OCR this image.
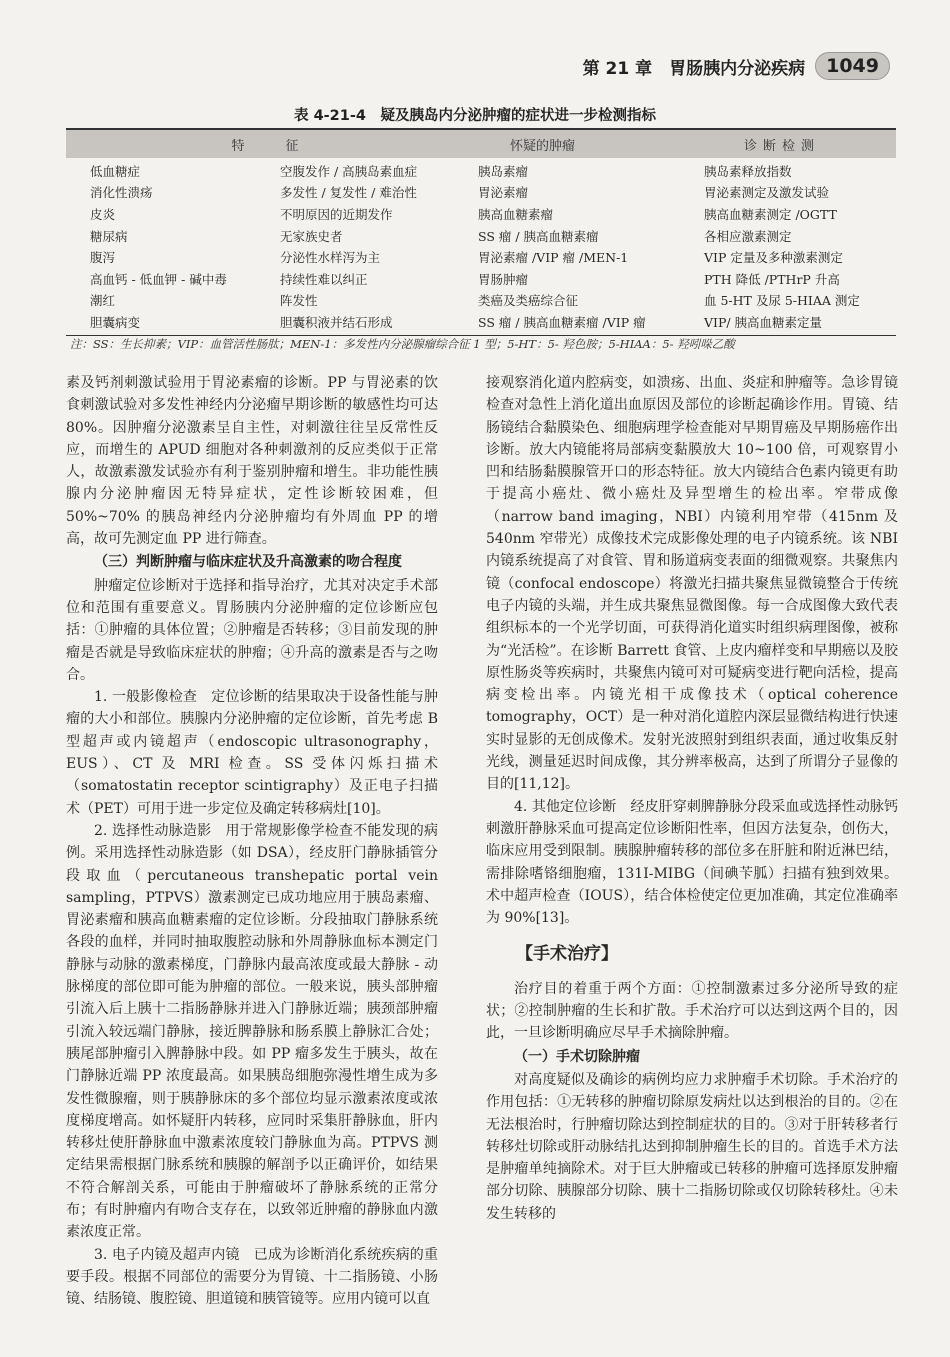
第 21 章　胃肠胰内分泌疾病	1049
表 4-21-4　疑及胰岛内分泌肿瘤的症状进一步检测指标
特　征	怀疑的肿瘤	诊断检测
低血糖症	空腹发作 / 高胰岛素血症	胰岛素瘤	胰岛素释放指数
消化性溃疡	多发性 / 复发性 / 难治性	胃泌素瘤	胃泌素测定及激发试验
皮炎	不明原因的近期发作	胰高血糖素瘤	胰高血糖素测定 /OGTT
糖尿病	无家族史者	SS 瘤 / 胰高血糖素瘤	各相应激素测定
腹泻	分泌性水样泻为主	胃泌素瘤 /VIP 瘤 /MEN-1	VIP 定量及多种激素测定
高血钙 - 低血钾 - 碱中毒	持续性难以纠正	胃肠肿瘤	PTH 降低 /PTHrP 升高
潮红	阵发性	类癌及类癌综合征	血 5-HT 及尿 5-HIAA 测定
胆囊病变	胆囊积液并结石形成	SS 瘤 / 胰高血糖素瘤 /VIP 瘤	VIP/ 胰高血糖素定量
注：SS：生长抑素；VIP：血管活性肠肽；MEN-1：多发性内分泌腺瘤综合征 1 型；5-HT：5- 羟色胺；5-HIAA：5- 羟吲哚乙酸

素及钙剂刺激试验用于胃泌素瘤的诊断。PP 与胃泌素的饮食刺激试验对多发性神经内分泌瘤早期诊断的敏感性均可达 80%。因肿瘤分泌激素呈自主性，对刺激往往呈反常性反应，而增生的 APUD 细胞对各种刺激剂的反应类似于正常人，故激素激发试验亦有利于鉴别肿瘤和增生。非功能性胰腺内分泌肿瘤因无特异症状，定性诊断较困难，但 50%~70% 的胰岛神经内分泌肿瘤均有外周血 PP 的增高，故可先测定血 PP 进行筛查。

（三）判断肿瘤与临床症状及升高激素的吻合程度

肿瘤定位诊断对于选择和指导治疗，尤其对决定手术部位和范围有重要意义。胃肠胰内分泌肿瘤的定位诊断应包括：①肿瘤的具体位置；②肿瘤是否转移；③目前发现的肿瘤是否就是导致临床症状的肿瘤；④升高的激素是否与之吻合。

1. 一般影像检查　定位诊断的结果取决于设备性能与肿瘤的大小和部位。胰腺内分泌肿瘤的定位诊断，首先考虑 B 型超声或内镜超声（endoscopic ultrasonography，EUS）、CT 及 MRI 检查。SS 受体闪烁扫描术（somatostatin receptor scintigraphy）及正电子扫描术（PET）可用于进一步定位及确定转移病灶[10]。

2. 选择性动脉造影　用于常规影像学检查不能发现的病例。采用选择性动脉造影（如 DSA），经皮肝门静脉插管分段取血（percutaneous transhepatic portal vein sampling，PTPVS）激素测定已成功地应用于胰岛素瘤、胃泌素瘤和胰高血糖素瘤的定位诊断。分段抽取门静脉系统各段的血样，并同时抽取腹腔动脉和外周静脉血标本测定门静脉与动脉的激素梯度，门静脉内最高浓度或最大静脉 - 动脉梯度的部位即可能为肿瘤的部位。一般来说，胰头部肿瘤引流入后上胰十二指肠静脉并进入门静脉近端；胰颈部肿瘤引流入较远端门静脉，接近脾静脉和肠系膜上静脉汇合处；胰尾部肿瘤引入脾静脉中段。如 PP 瘤多发生于胰头，故在门静脉近端 PP 浓度最高。如果胰岛细胞弥漫性增生成为多发性微腺瘤，则于胰静脉床的多个部位均显示激素浓度或浓度梯度增高。如怀疑肝内转移，应同时采集肝静脉血，肝内转移灶使肝静脉血中激素浓度较门静脉血为高。PTPVS 测定结果需根据门脉系统和胰腺的解剖予以正确评价，如结果不符合解剖关系，可能由于肿瘤破坏了静脉系统的正常分布；有时肿瘤内有吻合支存在，以致邻近肿瘤的静脉血内激素浓度正常。

3. 电子内镜及超声内镜　已成为诊断消化系统疾病的重要手段。根据不同部位的需要分为胃镜、十二指肠镜、小肠镜、结肠镜、腹腔镜、胆道镜和胰管镜等。应用内镜可以直

接观察消化道内腔病变，如溃疡、出血、炎症和肿瘤等。急诊胃镜检查对急性上消化道出血原因及部位的诊断起确诊作用。胃镜、结肠镜结合黏膜染色、细胞病理学检查能对早期胃癌及早期肠癌作出诊断。放大内镜能将局部病变黏膜放大 10~100 倍，可观察胃小凹和结肠黏膜腺管开口的形态特征。放大内镜结合色素内镜更有助于提高小癌灶、微小癌灶及异型增生的检出率。窄带成像（narrow band imaging，NBI）内镜利用窄带（415nm 及 540nm 窄带光）成像技术完成影像处理的电子内镜系统。该 NBI 内镜系统提高了对食管、胃和肠道病变表面的细微观察。共聚焦内镜（confocal endoscope）将激光扫描共聚焦显微镜整合于传统电子内镜的头端，并生成共聚焦显微图像。每一合成图像大致代表组织标本的一个光学切面，可获得消化道实时组织病理图像，被称为“光活检”。在诊断 Barrett 食管、上皮内瘤样变和早期癌以及胶原性肠炎等疾病时，共聚焦内镜可对可疑病变进行靶向活检，提高病变检出率。内镜光相干成像技术（optical coherence tomography，OCT）是一种对消化道腔内深层显微结构进行快速实时显影的无创成像术。发射光波照射到组织表面，通过收集反射光线，测量延迟时间成像，其分辨率极高，达到了所谓分子显像的目的[11,12]。

4. 其他定位诊断　经皮肝穿刺脾静脉分段采血或选择性动脉钙刺激肝静脉采血可提高定位诊断阳性率，但因方法复杂，创伤大，临床应用受到限制。胰腺肿瘤转移的部位多在肝脏和附近淋巴结，需排除嗜铬细胞瘤，131I-MIBG（间碘苄胍）扫描有独到效果。术中超声检查（IOUS），结合体检使定位更加准确，其定位准确率为 90%[13]。

【手术治疗】

治疗目的着重于两个方面：①控制激素过多分泌所导致的症状；②控制肿瘤的生长和扩散。手术治疗可以达到这两个目的，因此，一旦诊断明确应尽早手术摘除肿瘤。

（一）手术切除肿瘤

对高度疑似及确诊的病例均应力求肿瘤手术切除。手术治疗的作用包括：①无转移的肿瘤切除原发病灶以达到根治的目的。②在无法根治时，行肿瘤切除达到控制症状的目的。③对于肝转移者行转移灶切除或肝动脉结扎达到抑制肿瘤生长的目的。首选手术方法是肿瘤单纯摘除术。对于巨大肿瘤或已转移的肿瘤可选择原发肿瘤部分切除、胰腺部分切除、胰十二指肠切除或仅切除转移灶。④未发生转移的
